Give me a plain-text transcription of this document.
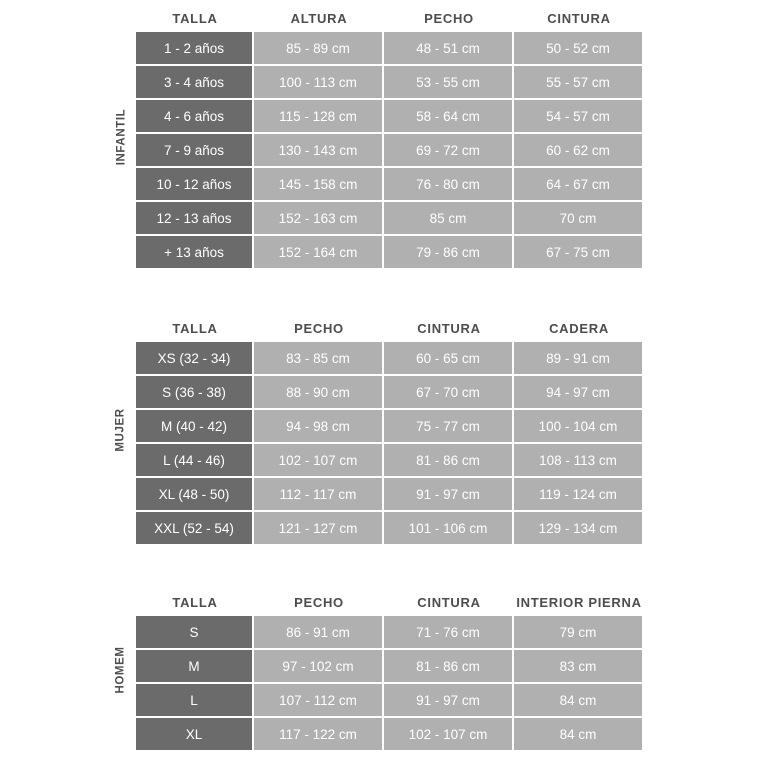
INFANTIL
TALLA	ALTURA	PECHO	CINTURA
1 - 2 años	85 - 89 cm	48 - 51 cm	50 - 52 cm
3 - 4 años	100 - 113 cm	53 - 55 cm	55 - 57 cm
4 - 6 años	115 - 128 cm	58 - 64 cm	54 - 57 cm
7 - 9 años	130 - 143 cm	69 - 72 cm	60 - 62 cm
10 - 12 años	145 - 158 cm	76 - 80 cm	64 - 67 cm
12 - 13 años	152 - 163 cm	85 cm	70 cm
+ 13 años	152 - 164 cm	79 - 86 cm	67 - 75 cm
MUJER
TALLA	PECHO	CINTURA	CADERA
XS (32 - 34)	83 - 85 cm	60 - 65 cm	89 - 91 cm
S (36 - 38)	88 - 90 cm	67 - 70 cm	94 - 97 cm
M (40 - 42)	94 - 98 cm	75 - 77 cm	100 - 104 cm
L (44 - 46)	102 - 107 cm	81 - 86 cm	108 - 113 cm
XL (48 - 50)	112 - 117 cm	91 - 97 cm	119 - 124 cm
XXL (52 - 54)	121 - 127 cm	101 - 106 cm	129 - 134 cm
HOMEM
TALLA	PECHO	CINTURA	INTERIOR PIERNA
S	86 - 91 cm	71 - 76 cm	79 cm
M	97 - 102 cm	81 - 86 cm	83 cm
L	107 - 112 cm	91 - 97 cm	84 cm
XL	117 - 122 cm	102 - 107 cm	84 cm
